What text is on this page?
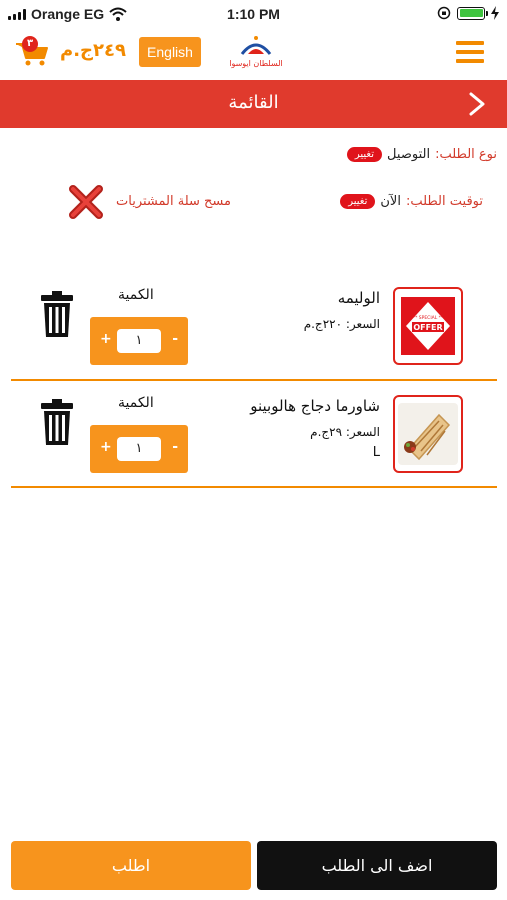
Orange EG	1:10 PM
٣ ٢٤٩ج.م	English
السلطان ايوسوا
القائمة
نوع الطلب:
التوصيل
تغيير
توقيت الطلب:
الآن
تغيير
مسح سلة المشتريات
*** SPECIAL ***
OFFER
الوليمه
السعر: ٢٢٠ج.م
الكمية
+	١	-
شاورما دجاج هالوبينو
السعر: ٢٩ج.م
L
الكمية
+	١	-
اطلب	اضف الى الطلب
